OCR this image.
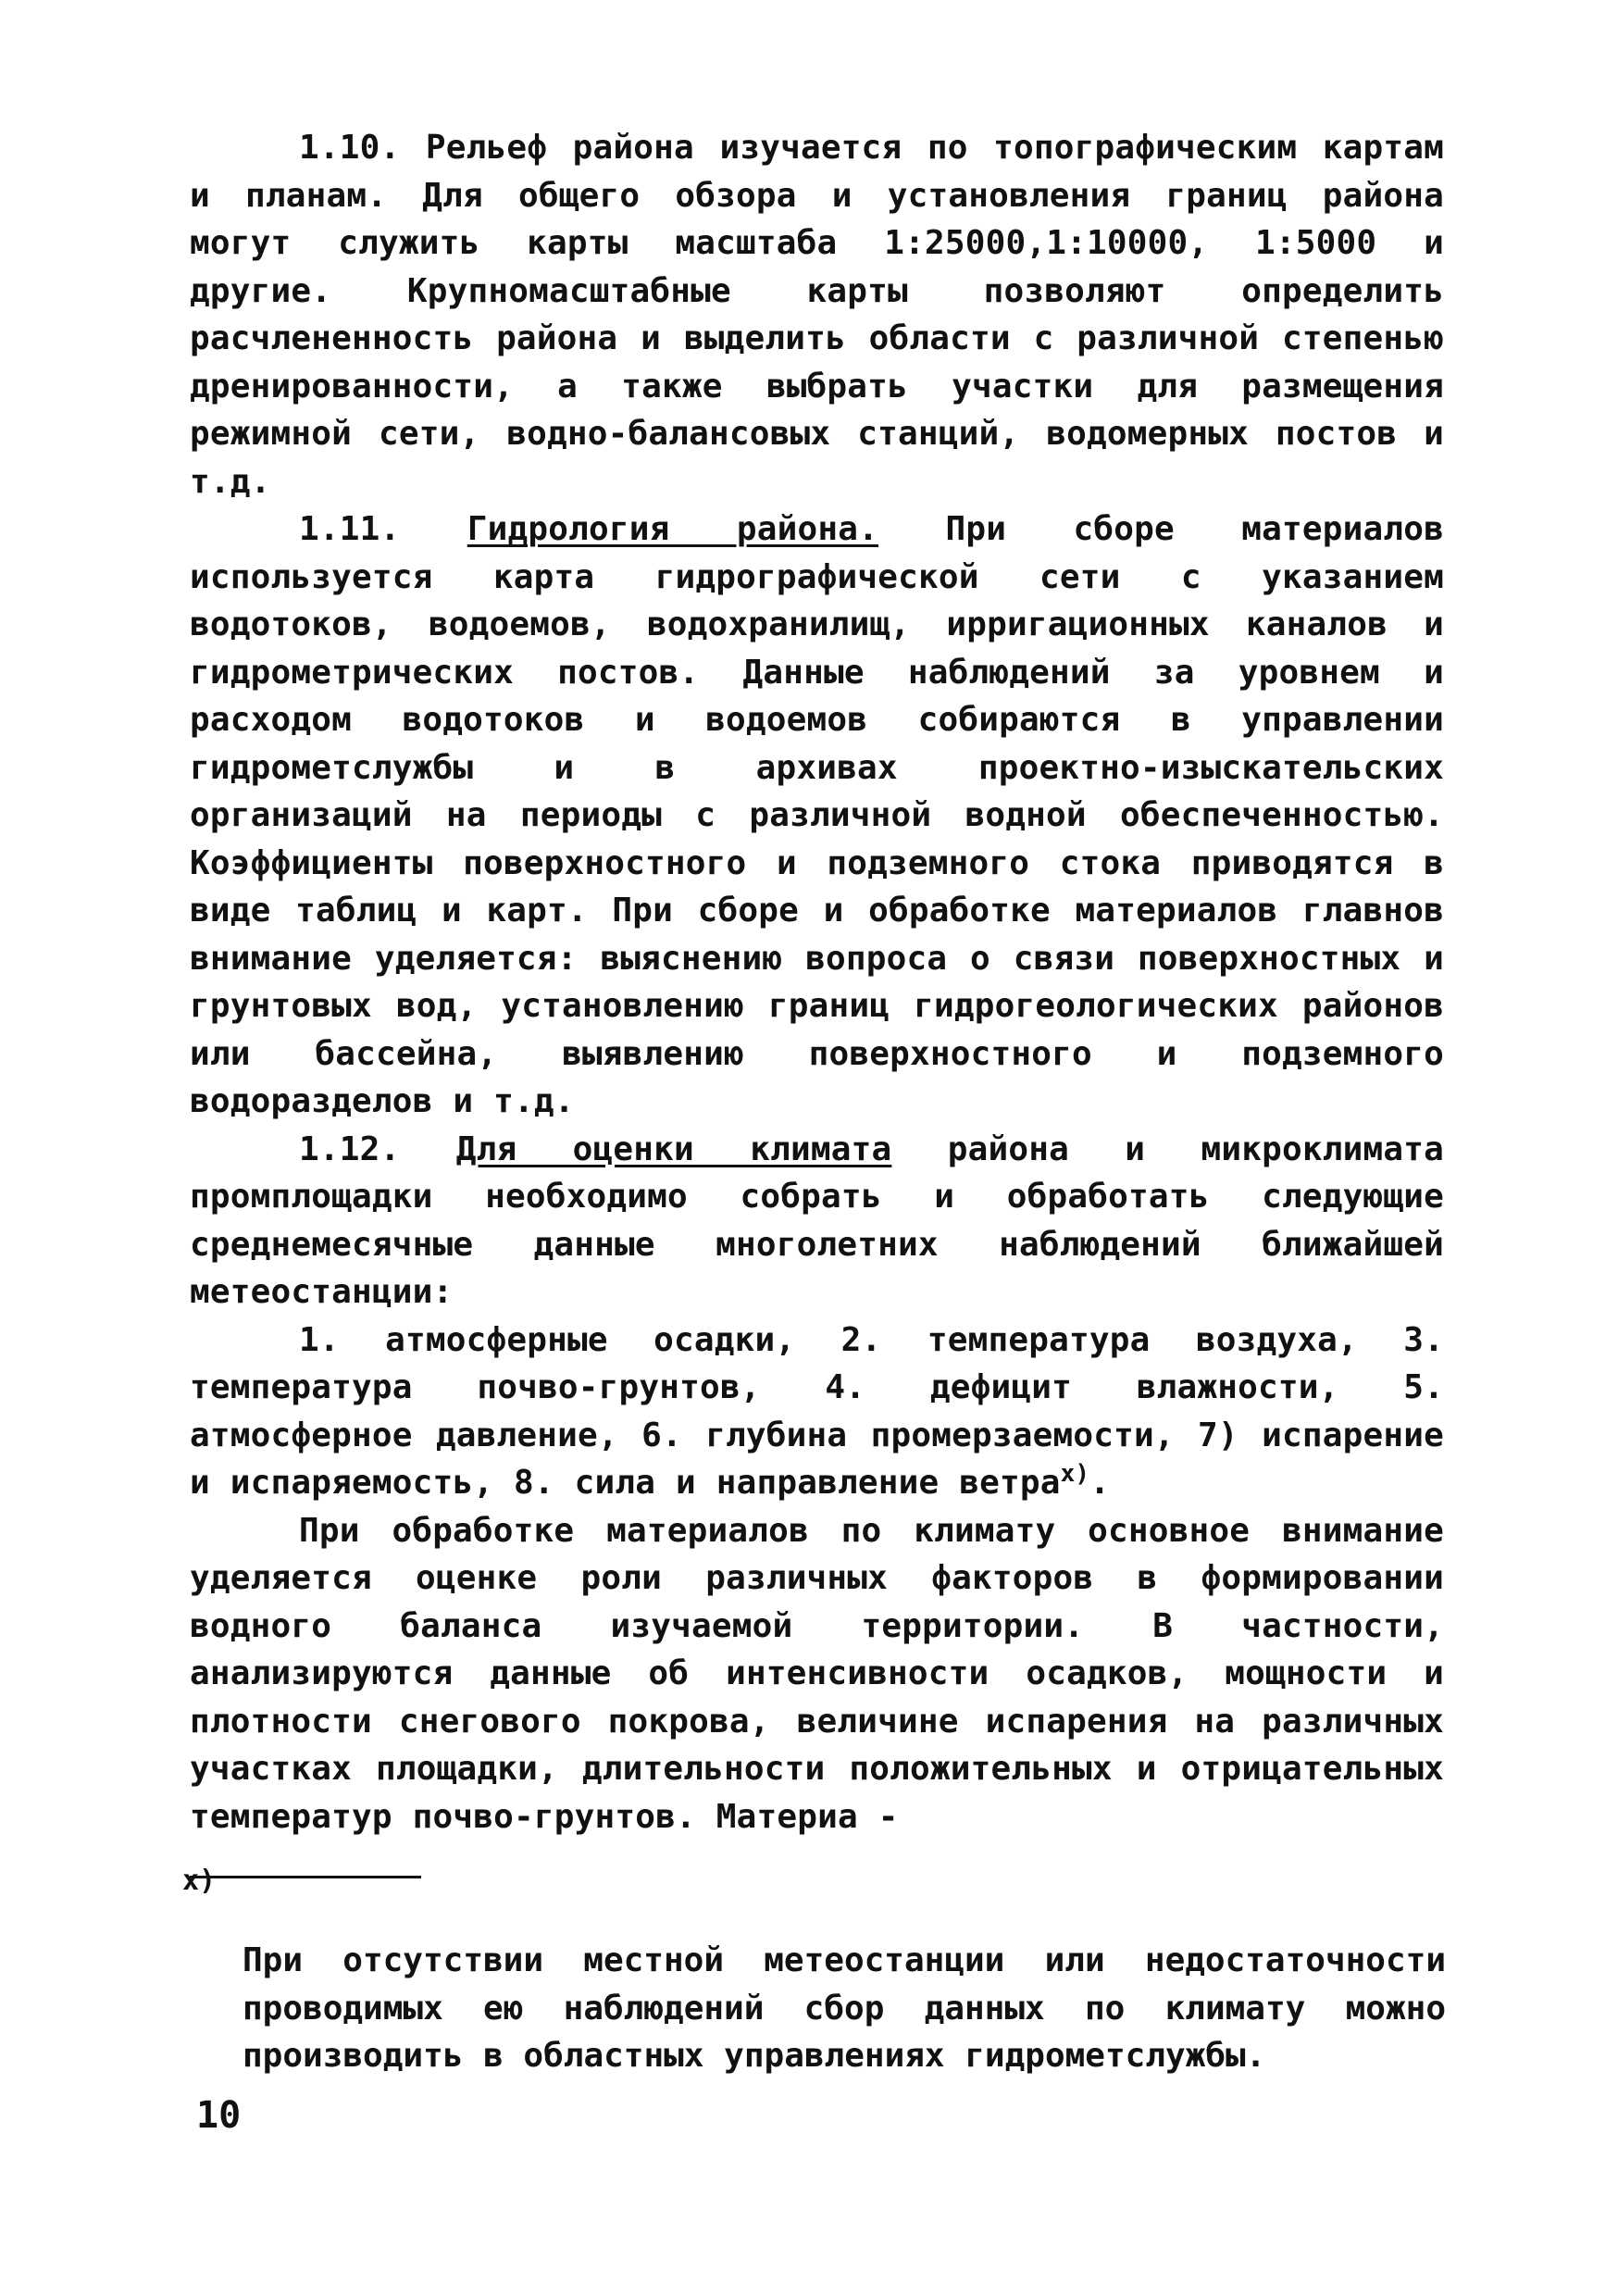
1.10. Рельеф района изучается по топографическим картам и планам. Для общего обзора и установления границ района могут служить карты масштаба 1:25000,1:10000, 1:5000 и другие. Крупномасштабные карты позволяют определить расчлененность района и выделить области с различной степенью дренированности, а также выбрать участки для размещения режимной сети, водно-балансовых станций, водомерных постов и т.д.

1.11. Гидрология района. При сборе материалов используется карта гидрографической сети с указанием водотоков, водоемов, водохранилищ, ирригационных каналов и гидрометрических постов. Данные наблюдений за уровнем и расходом водотоков и водоемов собираются в управлении гидрометслужбы и в архивах проектно-изыскательских организаций на периоды с различной водной обеспеченностью. Коэффициенты поверхностного и подземного стока приводятся в виде таблиц и карт. При сборе и обработке материалов главнов внимание уделяется: выяснению вопроса о связи поверхностных и грунтовых вод, установлению границ гидрогеологических районов или бассейна, выявлению поверхностного и подземного водоразделов и т.д.

1.12. Для оценки климата района и микроклимата промплощадки необходимо собрать и обработать следующие среднемесячные данные многолетних наблюдений ближайшей метеостанции:

1. атмосферные осадки, 2. температура воздуха, 3. температура почво-грунтов, 4. дефицит влажности, 5. атмосферное давление, 6. глубина промерзаемости, 7) испарение и испаряемость, 8. сила и направление ветра$^{x)}$.

При обработке материалов по климату основное внимание уделяется оценке роли различных факторов в формировании водного баланса изучаемой территории. В частности, анализируются данные об интенсивности осадков, мощности и плотности снегового покрова, величине испарения на различных участках площадки, длительности положительных и отрицательных температур почво-грунтов. Материа -

x)

При отсутствии местной метеостанции или недостаточности проводимых ею наблюдений сбор данных по климату можно производить в областных управлениях гидрометслужбы.

10
